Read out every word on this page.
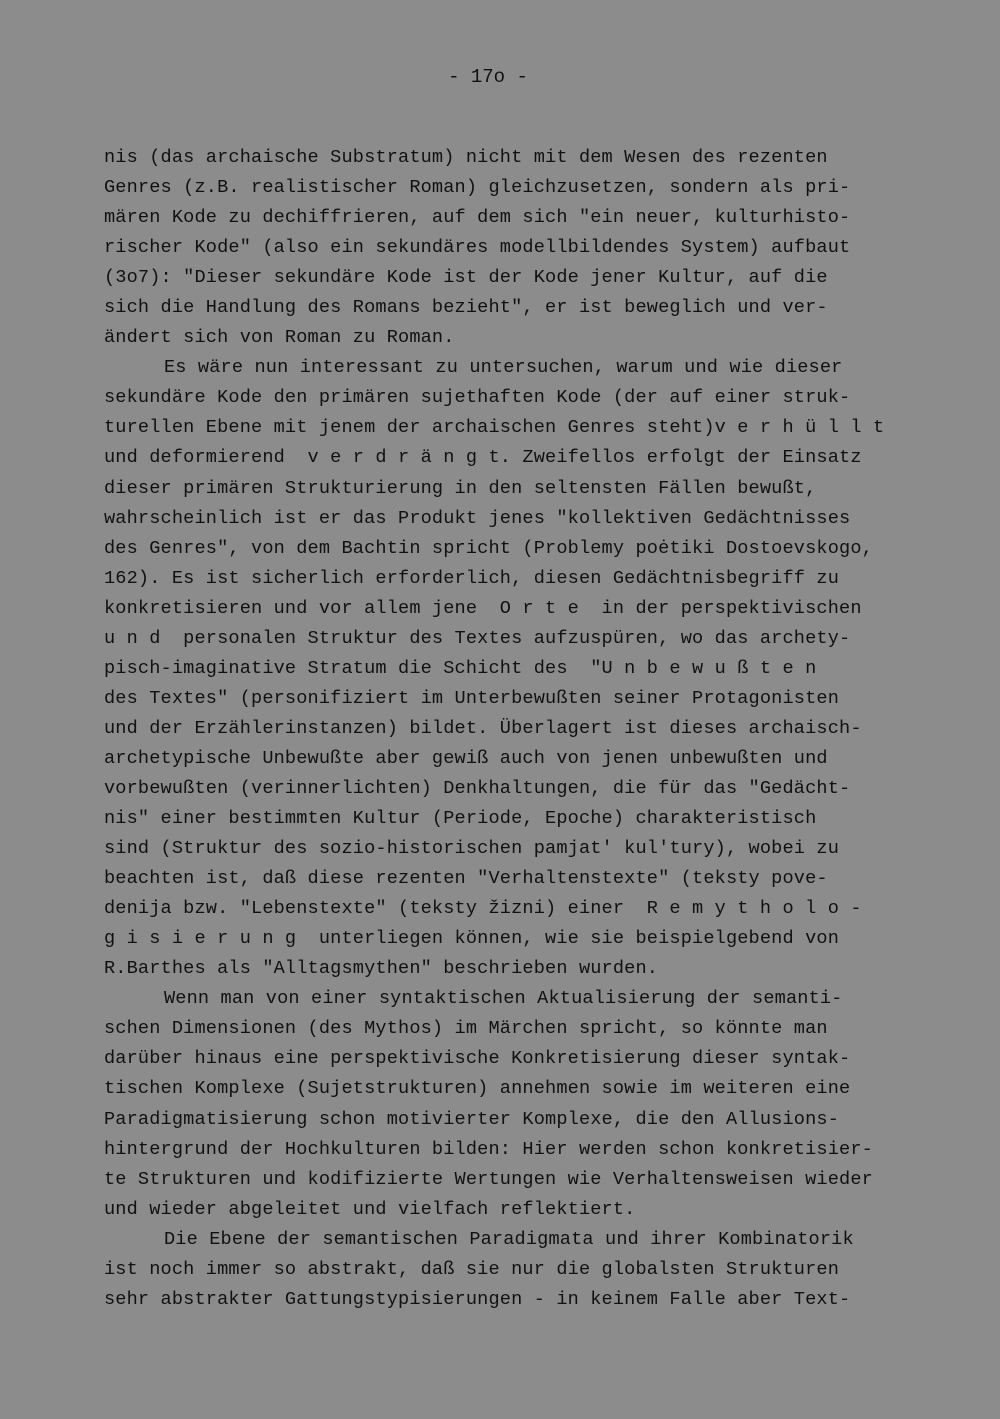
- 17o -
nis (das archaische Substratum) nicht mit dem Wesen des rezenten
Genres (z.B. realistischer Roman) gleichzusetzen, sondern als pri-
mären Kode zu dechiffrieren, auf dem sich "ein neuer, kulturhisto-
rischer Kode" (also ein sekundäres modellbildendes System) aufbaut
(3o7): "Dieser sekundäre Kode ist der Kode jener Kultur, auf die
sich die Handlung des Romans bezieht", er ist beweglich und ver-
ändert sich von Roman zu Roman.
Es wäre nun interessant zu untersuchen, warum und wie dieser
sekundäre Kode den primären sujethaften Kode (der auf einer struk-
turellen Ebene mit jenem der archaischen Genres steht)v e r h ü l l t
und deformierend  v e r d r ä n g t. Zweifellos erfolgt der Einsatz
dieser primären Strukturierung in den seltensten Fällen bewußt,
wahrscheinlich ist er das Produkt jenes "kollektiven Gedächtnisses
des Genres", von dem Bachtin spricht (Problemy poėtiki Dostoevskogo,
162). Es ist sicherlich erforderlich, diesen Gedächtnisbegriff zu
konkretisieren und vor allem jene  O r t e  in der perspektivischen
u n d  personalen Struktur des Textes aufzuspüren, wo das archety-
pisch-imaginative Stratum die Schicht des  "U n b e w u ß t e n
des Textes" (personifiziert im Unterbewußten seiner Protagonisten
und der Erzählerinstanzen) bildet. Überlagert ist dieses archaisch-
archetypische Unbewußte aber gewiß auch von jenen unbewußten und
vorbewußten (verinnerlichten) Denkhaltungen, die für das "Gedächt-
nis" einer bestimmten Kultur (Periode, Epoche) charakteristisch
sind (Struktur des sozio-historischen pamjat' kul'tury), wobei zu
beachten ist, daß diese rezenten "Verhaltenstexte" (teksty pove-
denija bzw. "Lebenstexte" (teksty žizni) einer  R e m y t h o l o -
g i s i e r u n g  unterliegen können, wie sie beispielgebend von
R.Barthes als "Alltagsmythen" beschrieben wurden.
Wenn man von einer syntaktischen Aktualisierung der semanti-
schen Dimensionen (des Mythos) im Märchen spricht, so könnte man
darüber hinaus eine perspektivische Konkretisierung dieser syntak-
tischen Komplexe (Sujetstrukturen) annehmen sowie im weiteren eine
Paradigmatisierung schon motivierter Komplexe, die den Allusions-
hintergrund der Hochkulturen bilden: Hier werden schon konkretisier-
te Strukturen und kodifizierte Wertungen wie Verhaltensweisen wieder
und wieder abgeleitet und vielfach reflektiert.
Die Ebene der semantischen Paradigmata und ihrer Kombinatorik
ist noch immer so abstrakt, daß sie nur die globalsten Strukturen
sehr abstrakter Gattungstypisierungen - in keinem Falle aber Text-
